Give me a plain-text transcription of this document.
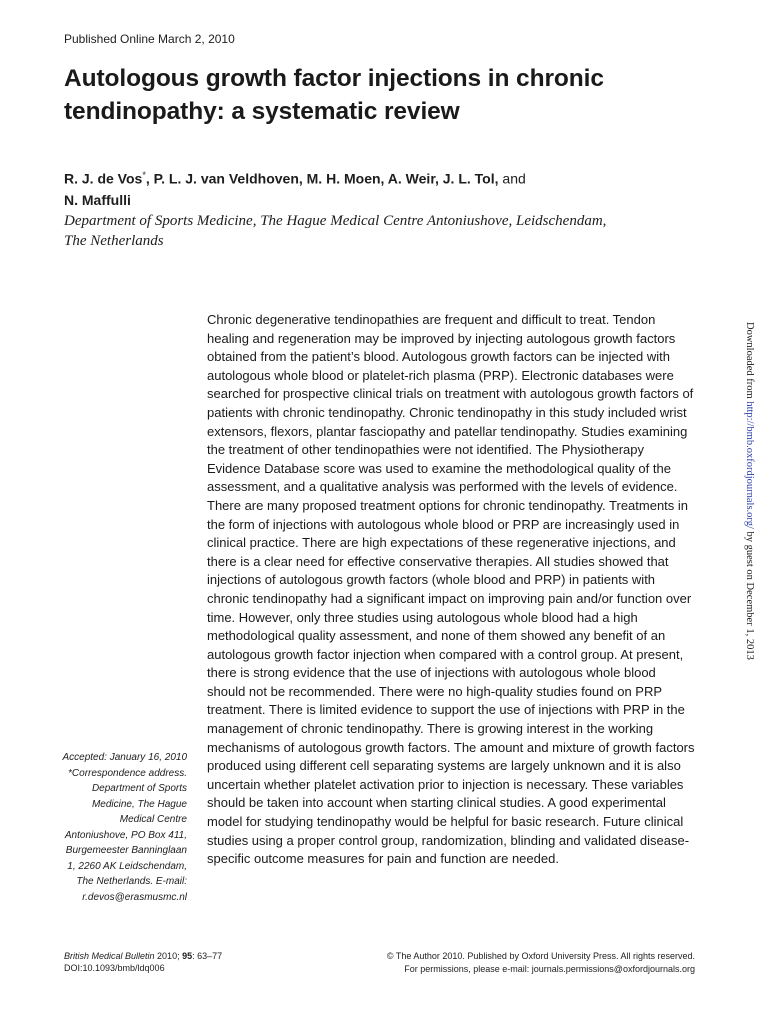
Published Online March 2, 2010
Autologous growth factor injections in chronic tendinopathy: a systematic review
R. J. de Vos*, P. L. J. van Veldhoven, M. H. Moen, A. Weir, J. L. Tol, and
N. Maffulli
Department of Sports Medicine, The Hague Medical Centre Antoniushove, Leidschendam,
The Netherlands
Chronic degenerative tendinopathies are frequent and difficult to treat. Tendon healing and regeneration may be improved by injecting autologous growth factors obtained from the patient’s blood. Autologous growth factors can be injected with autologous whole blood or platelet-rich plasma (PRP). Electronic databases were searched for prospective clinical trials on treatment with autologous growth factors of patients with chronic tendinopathy. Chronic tendinopathy in this study included wrist extensors, flexors, plantar fasciopathy and patellar tendinopathy. Studies examining the treatment of other tendinopathies were not identified. The Physiotherapy Evidence Database score was used to examine the methodological quality of the assessment, and a qualitative analysis was performed with the levels of evidence. There are many proposed treatment options for chronic tendinopathy. Treatments in the form of injections with autologous whole blood or PRP are increasingly used in clinical practice. There are high expectations of these regenerative injections, and there is a clear need for effective conservative therapies. All studies showed that injections of autologous growth factors (whole blood and PRP) in patients with chronic tendinopathy had a significant impact on improving pain and/or function over time. However, only three studies using autologous whole blood had a high methodological quality assessment, and none of them showed any benefit of an autologous growth factor injection when compared with a control group. At present, there is strong evidence that the use of injections with autologous whole blood should not be recommended. There were no high-quality studies found on PRP treatment. There is limited evidence to support the use of injections with PRP in the management of chronic tendinopathy. There is growing interest in the working mechanisms of autologous growth factors. The amount and mixture of growth factors produced using different cell separating systems are largely unknown and it is also uncertain whether platelet activation prior to injection is necessary. These variables should be taken into account when starting clinical studies. A good experimental model for studying tendinopathy would be helpful for basic research. Future clinical studies using a proper control group, randomization, blinding and validated disease-specific outcome measures for pain and function are needed.
Accepted: January 16, 2010
*Correspondence address. Department of Sports Medicine, The Hague Medical Centre Antoniushove, PO Box 411, Burgemeester Banninglaan 1, 2260 AK Leidschendam, The Netherlands. E-mail: r.devos@erasmusmc.nl
British Medical Bulletin 2010; 95: 63–77
DOI:10.1093/bmb/ldq006
© The Author 2010. Published by Oxford University Press. All rights reserved.
For permissions, please e-mail: journals.permissions@oxfordjournals.org
Downloaded from http://bmb.oxfordjournals.org/ by guest on December 1, 2013
